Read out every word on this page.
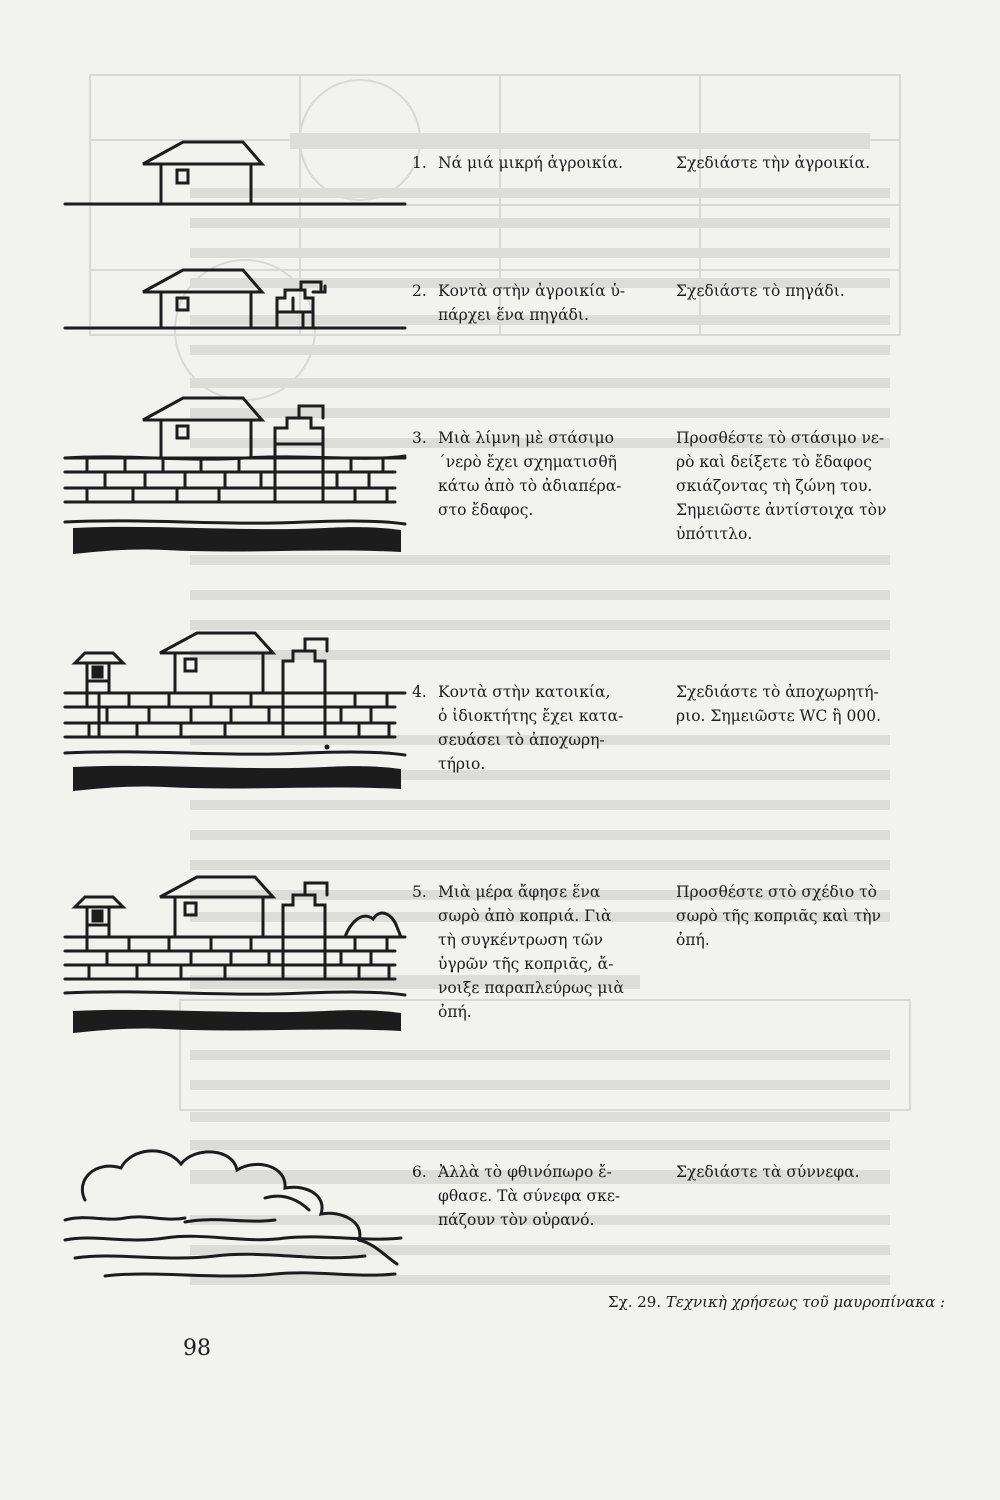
1. Νά μιά μικρή ἀγροικία.	Σχεδιάστε τὴν ἀγροικία.
2. Κοντὰ στὴν ἀγροικία ὑ-
πάρχει ἕνα πηγάδι.
Σχεδιάστε τὸ πηγάδι.
3. Μιὰ λίμνη μὲ στάσιμο
´νερὸ ἔχει σχηματισθῆ
κάτω ἀπὸ τὸ ἀδιαπέρα-
στο ἔδαφος.
Προσθέστε τὸ στάσιμο νε-
ρὸ καὶ δείξετε τὸ ἔδαφος
σκιάζοντας τὴ ζώνη του.
Σημειῶστε ἀντίστοιχα τὸν
ὑπότιτλο.
4. Κοντὰ στὴν κατοικία,
ὁ ἰδιοκτήτης ἔχει κατα-
σευάσει τὸ ἀποχωρη-
τήριο.
Σχεδιάστε τὸ ἀποχωρητή-
ριο. Σημειῶστε WC ἢ 000.
5. Μιὰ μέρα ἄφησε ἕνα
σωρὸ ἀπὸ κοπριά. Γιὰ
τὴ συγκέντρωση τῶν
ὑγρῶν τῆς κοπριᾶς, ἄ-
νοιξε παραπλεύρως μιὰ
ὀπή.
Προσθέστε στὸ σχέδιο τὸ
σωρὸ τῆς κοπριᾶς καὶ τὴν
ὀπή.
6. Ἀλλὰ τὸ φθινόπωρο ἔ-
φθασε. Τὰ σύνεφα σκε-
πάζουν τὸν οὐρανό.
Σχεδιάστε τὰ σύννεφα.
Σχ. 29. Τεχνικὴ χρήσεως τοῦ μαυροπίνακα :
98
